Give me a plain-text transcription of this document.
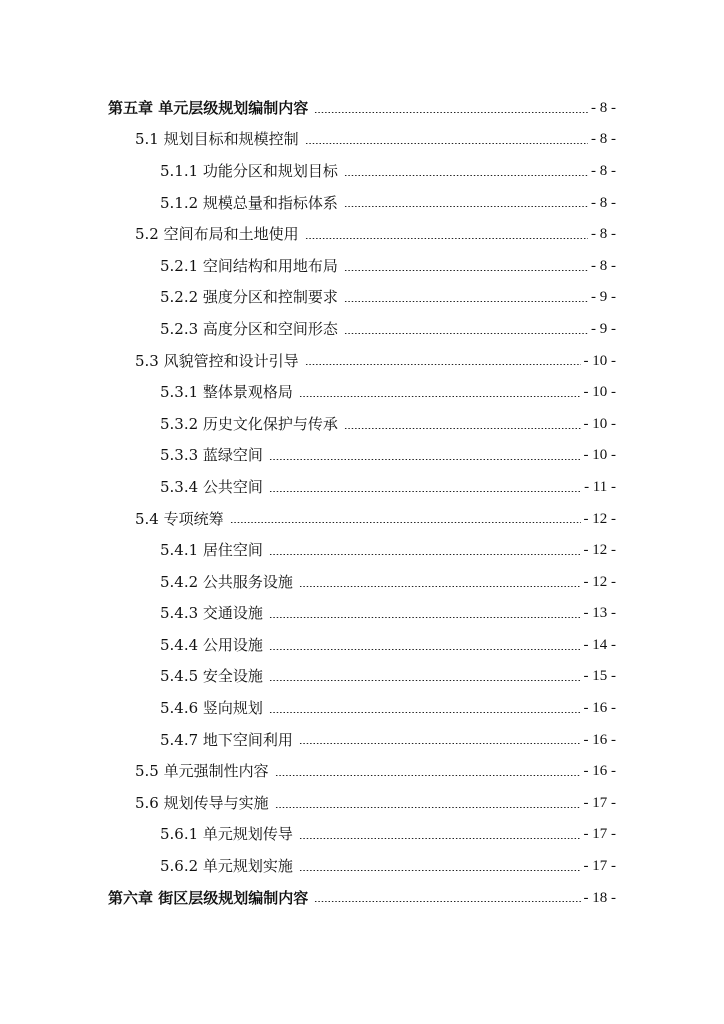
第五章 单元层级规划编制内容	- 8 -
5.1 规划目标和规模控制	- 8 -
5.1.1 功能分区和规划目标	- 8 -
5.1.2 规模总量和指标体系	- 8 -
5.2 空间布局和土地使用	- 8 -
5.2.1 空间结构和用地布局	- 8 -
5.2.2 强度分区和控制要求	- 9 -
5.2.3 高度分区和空间形态	- 9 -
5.3 风貌管控和设计引导	- 10 -
5.3.1 整体景观格局	- 10 -
5.3.2 历史文化保护与传承	- 10 -
5.3.3 蓝绿空间	- 10 -
5.3.4 公共空间	- 11 -
5.4 专项统筹	- 12 -
5.4.1 居住空间	- 12 -
5.4.2 公共服务设施	- 12 -
5.4.3 交通设施	- 13 -
5.4.4 公用设施	- 14 -
5.4.5 安全设施	- 15 -
5.4.6 竖向规划	- 16 -
5.4.7 地下空间利用	- 16 -
5.5 单元强制性内容	- 16 -
5.6 规划传导与实施	- 17 -
5.6.1 单元规划传导	- 17 -
5.6.2 单元规划实施	- 17 -
第六章 街区层级规划编制内容	- 18 -
